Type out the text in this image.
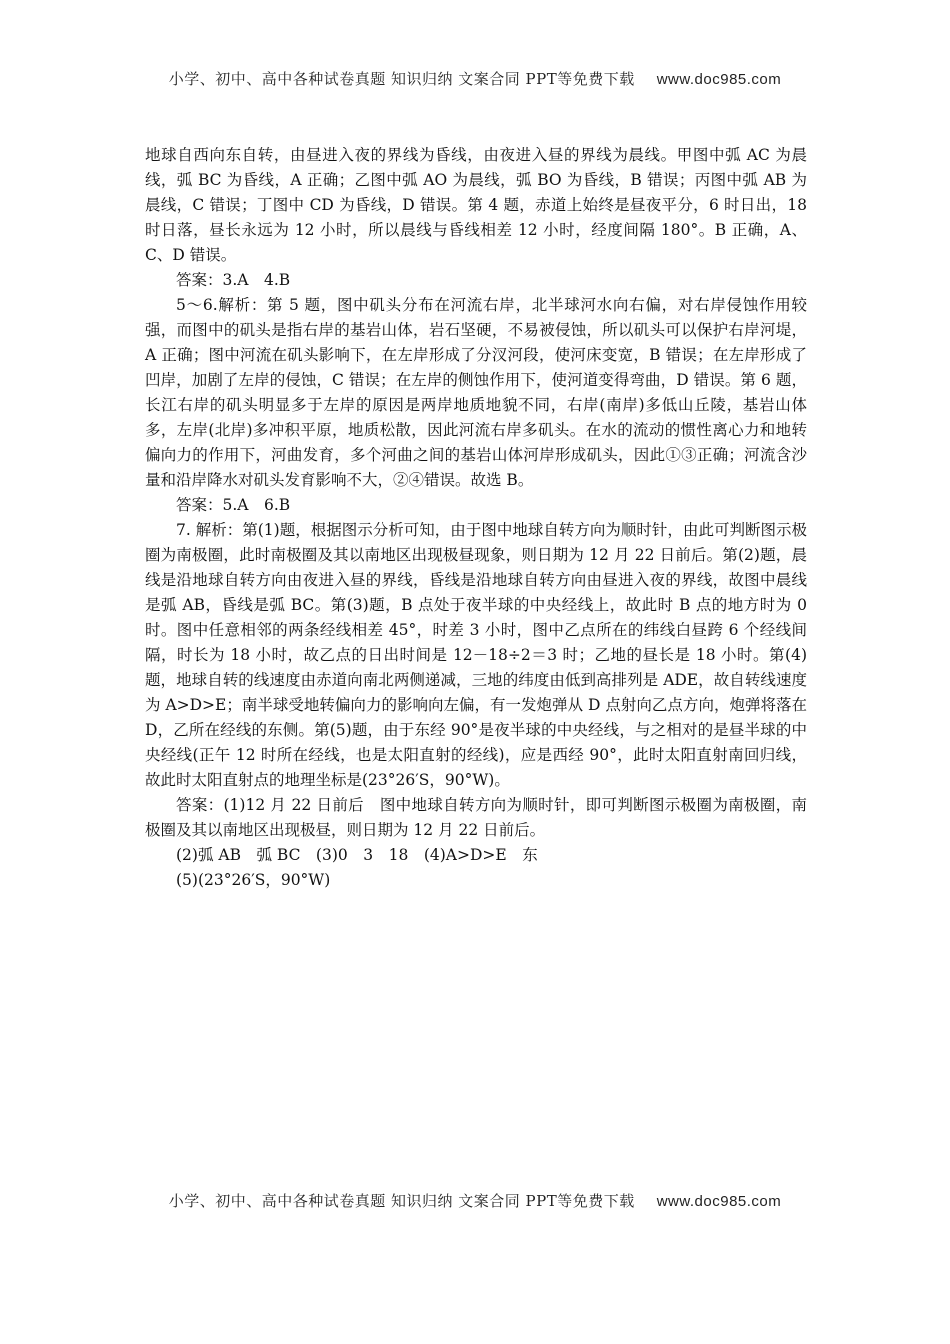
小学、初中、高中各种试卷真题 知识归纳 文案合同 PPT等免费下载 www.doc985.com

地球自西向东自转，由昼进入夜的界线为昏线，由夜进入昼的界线为晨线。甲图中弧 AC 为晨线，弧 BC 为昏线，A 正确；乙图中弧 AO 为晨线，弧 BO 为昏线，B 错误；丙图中弧 AB 为晨线，C 错误；丁图中 CD 为昏线，D 错误。第 4 题，赤道上始终是昼夜平分，6 时日出，18 时日落，昼长永远为 12 小时，所以晨线与昏线相差 12 小时，经度间隔 180°。B 正确，A、C、D 错误。

答案：3.A　4.B

5～6.解析：第 5 题，图中矶头分布在河流右岸，北半球河水向右偏，对右岸侵蚀作用较强，而图中的矶头是指右岸的基岩山体，岩石坚硬，不易被侵蚀，所以矶头可以保护右岸河堤，A 正确；图中河流在矶头影响下，在左岸形成了分汊河段，使河床变宽，B 错误；在左岸形成了凹岸，加剧了左岸的侵蚀，C 错误；在左岸的侧蚀作用下，使河道变得弯曲，D 错误。第 6 题，长江右岸的矶头明显多于左岸的原因是两岸地质地貌不同，右岸(南岸)多低山丘陵，基岩山体多，左岸(北岸)多冲积平原，地质松散，因此河流右岸多矶头。在水的流动的惯性离心力和地转偏向力的作用下，河曲发育，多个河曲之间的基岩山体河岸形成矶头，因此①③正确；河流含沙量和沿岸降水对矶头发育影响不大，②④错误。故选 B。

答案：5.A　6.B

7. 解析：第(1)题，根据图示分析可知，由于图中地球自转方向为顺时针，由此可判断图示极圈为南极圈，此时南极圈及其以南地区出现极昼现象，则日期为 12 月 22 日前后。第(2)题，晨线是沿地球自转方向由夜进入昼的界线，昏线是沿地球自转方向由昼进入夜的界线，故图中晨线是弧 AB，昏线是弧 BC。第(3)题，B 点处于夜半球的中央经线上，故此时 B 点的地方时为 0 时。图中任意相邻的两条经线相差 45°，时差 3 小时，图中乙点所在的纬线白昼跨 6 个经线间隔，时长为 18 小时，故乙点的日出时间是 12－18÷2＝3 时；乙地的昼长是 18 小时。第(4)题，地球自转的线速度由赤道向南北两侧递减，三地的纬度由低到高排列是 ADE，故自转线速度为 A>D>E；南半球受地转偏向力的影响向左偏，有一发炮弹从 D 点射向乙点方向，炮弹将落在 D，乙所在经线的东侧。第(5)题，由于东经 90°是夜半球的中央经线，与之相对的是昼半球的中央经线(正午 12 时所在经线，也是太阳直射的经线)，应是西经 90°，此时太阳直射南回归线，故此时太阳直射点的地理坐标是(23°26′S，90°W)。

答案：(1)12 月 22 日前后　图中地球自转方向为顺时针，即可判断图示极圈为南极圈，南极圈及其以南地区出现极昼，则日期为 12 月 22 日前后。

(2)弧 AB　弧 BC　(3)0　3　18　(4)A>D>E　东

(5)(23°26′S，90°W)

小学、初中、高中各种试卷真题 知识归纳 文案合同 PPT等免费下载 www.doc985.com
